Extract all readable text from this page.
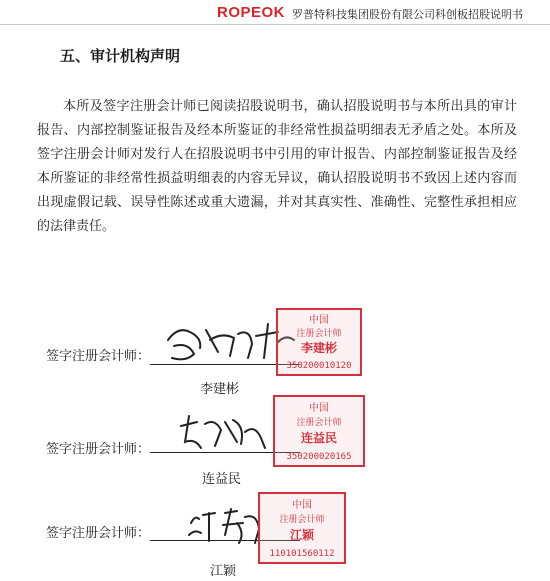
ROPEOK 罗普特科技集团股份有限公司科创板招股说明书
五、审计机构声明

本所及签字注册会计师已阅读招股说明书，确认招股说明书与本所出具的审计报告、内部控制鉴证报告及经本所鉴证的非经常性损益明细表无矛盾之处。本所及签字注册会计师对发行人在招股说明书中引用的审计报告、内部控制鉴证报告及经本所鉴证的非经常性损益明细表的内容无异议，确认招股说明书不致因上述内容而出现虚假记载、误导性陈述或重大遗漏，并对其真实性、准确性、完整性承担相应的法律责任。

签字注册会计师：
李建彬
中国
注册会计师
李建彬
350200010120
签字注册会计师：
连益民
中国
注册会计师
连益民
350200020165
签字注册会计师：
江颖
中国
注册会计师
江颖
110101560112
